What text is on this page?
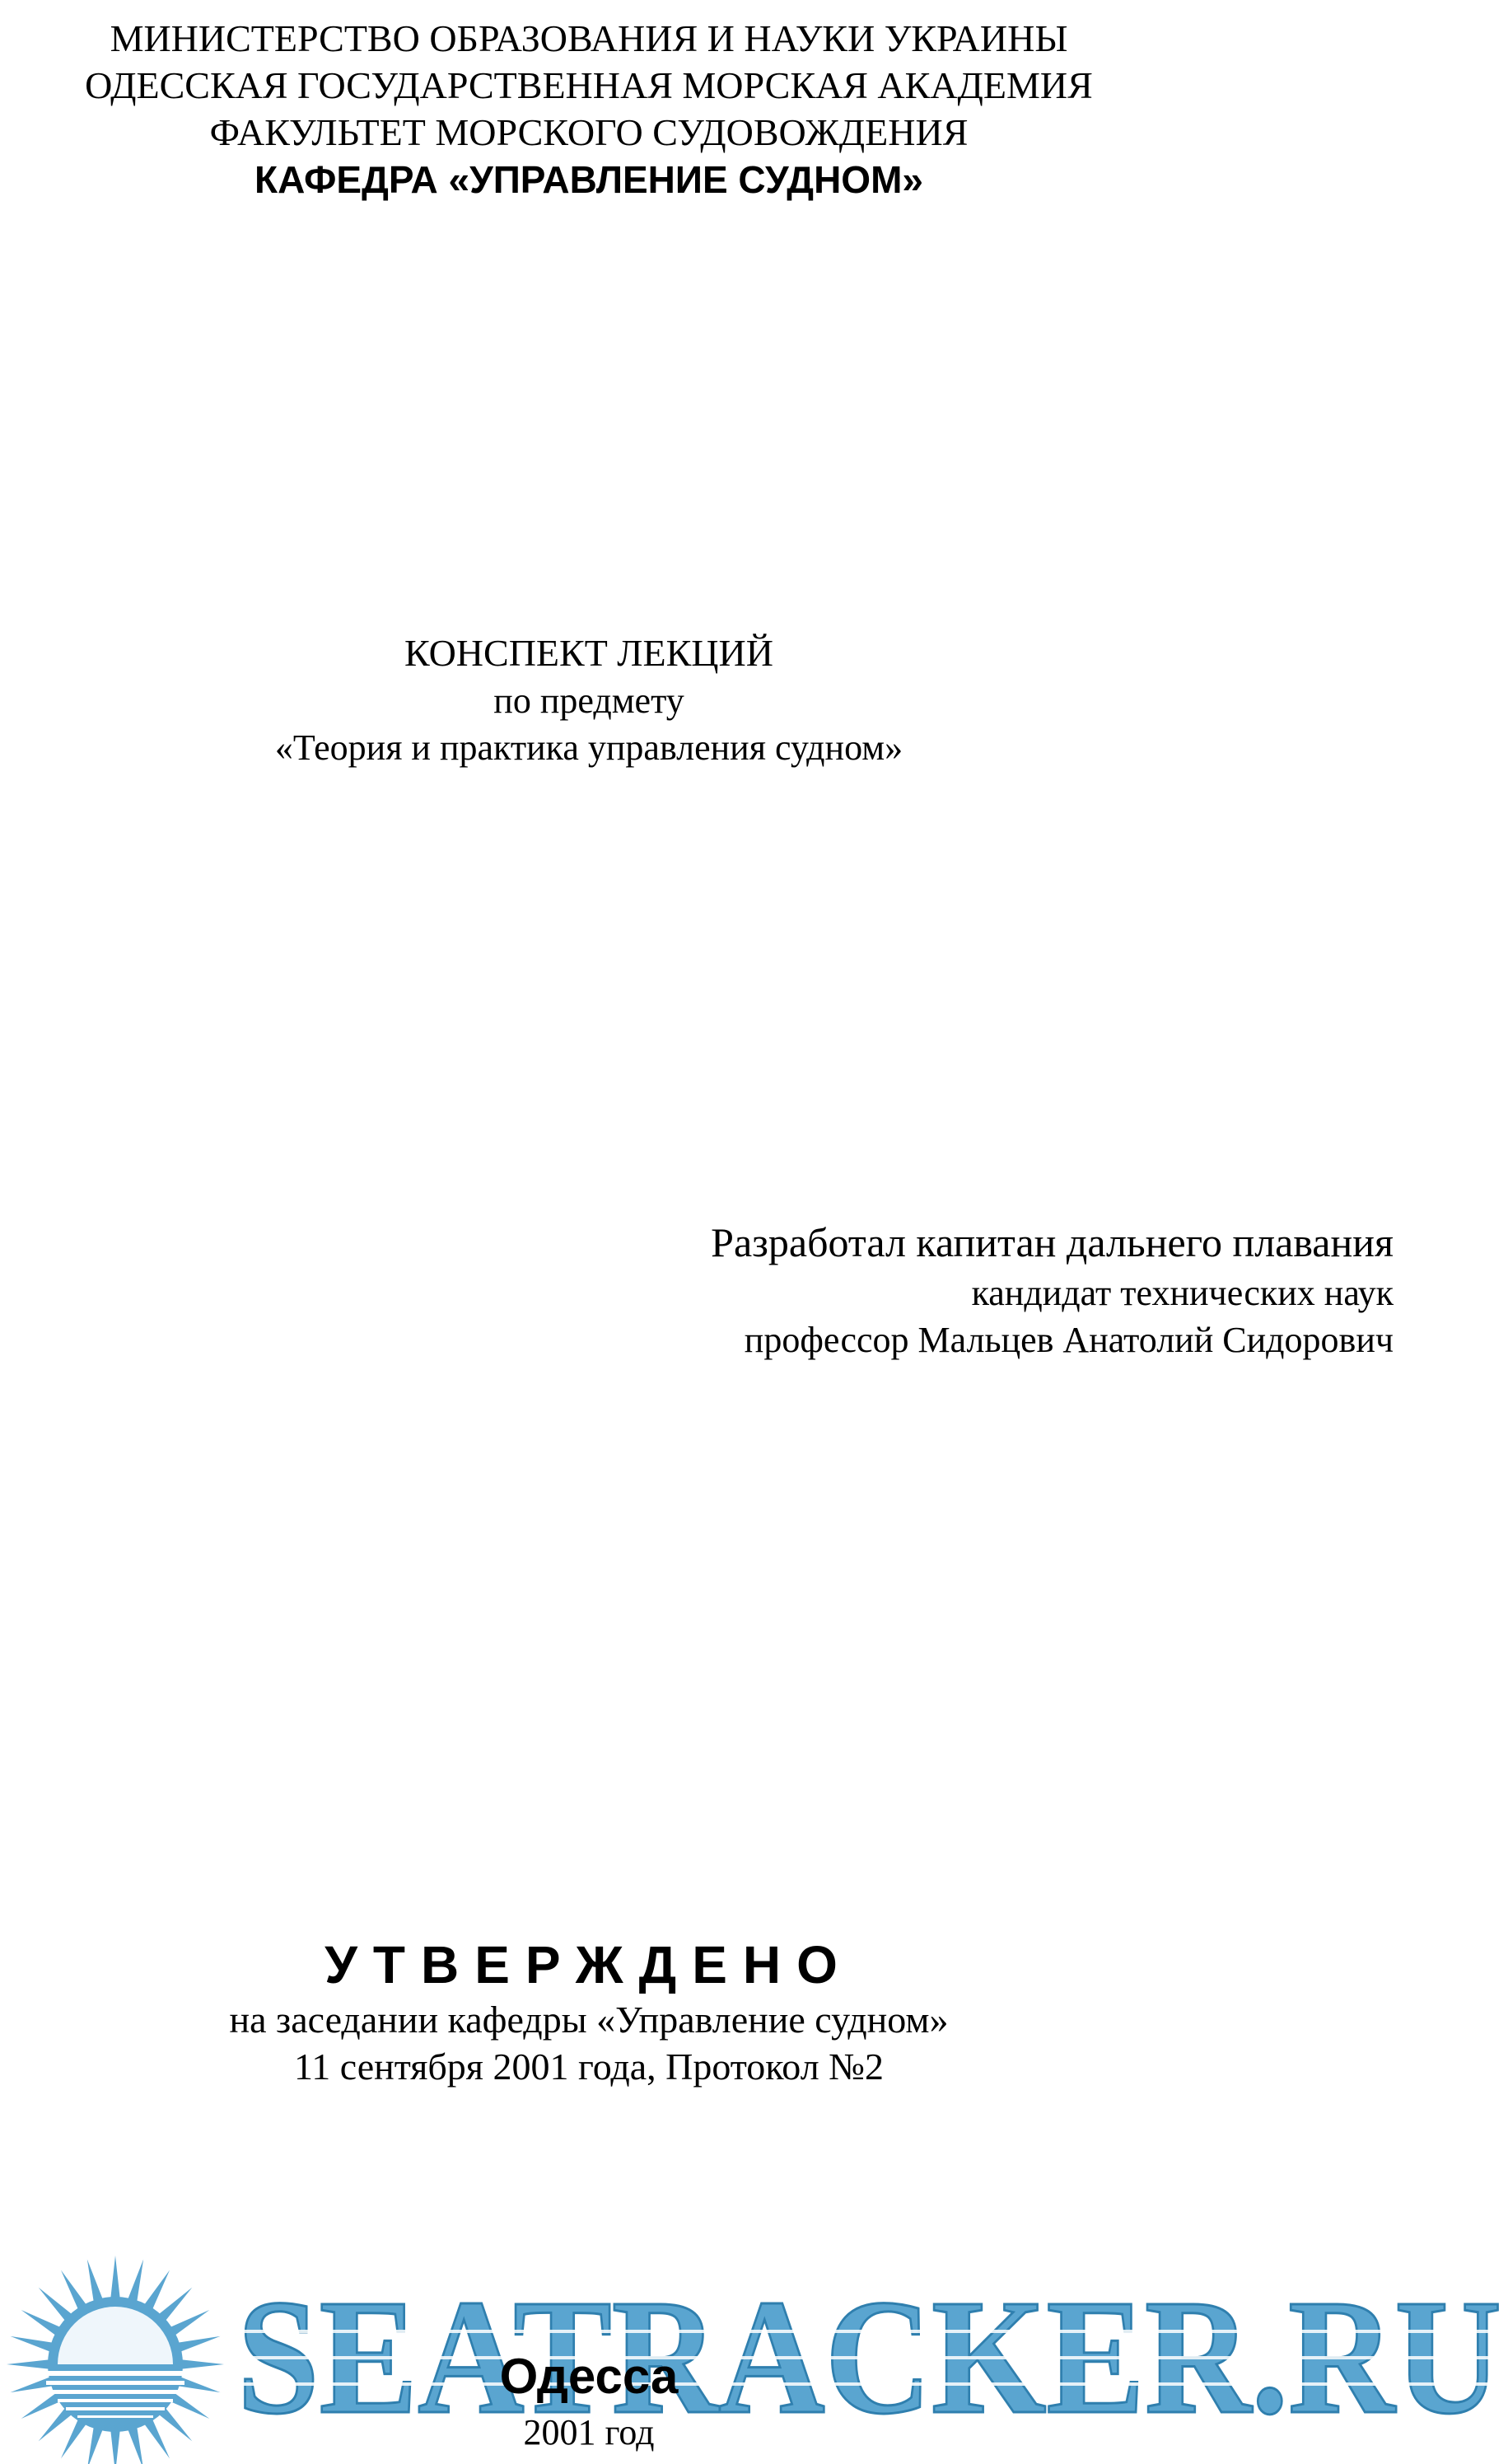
МИНИСТЕРСТВО ОБРАЗОВАНИЯ И НАУКИ УКРАИНЫ
ОДЕССКАЯ ГОСУДАРСТВЕННАЯ МОРСКАЯ АКАДЕМИЯ
ФАКУЛЬТЕТ МОРСКОГО СУДОВОЖДЕНИЯ
КАФЕДРА «УПРАВЛЕНИЕ СУДНОМ»
КОНСПЕКТ ЛЕКЦИЙ
по предмету
«Теория и практика управления судном»
Разработал капитан дальнего плавания
кандидат технических наук
профессор Мальцев Анатолий Сидорович
УТВЕРЖДЕНО
на заседании кафедры «Управление судном»
11 сентября 2001 года, Протокол №2
SEATRACKER.RU
Одесса
2001 год
